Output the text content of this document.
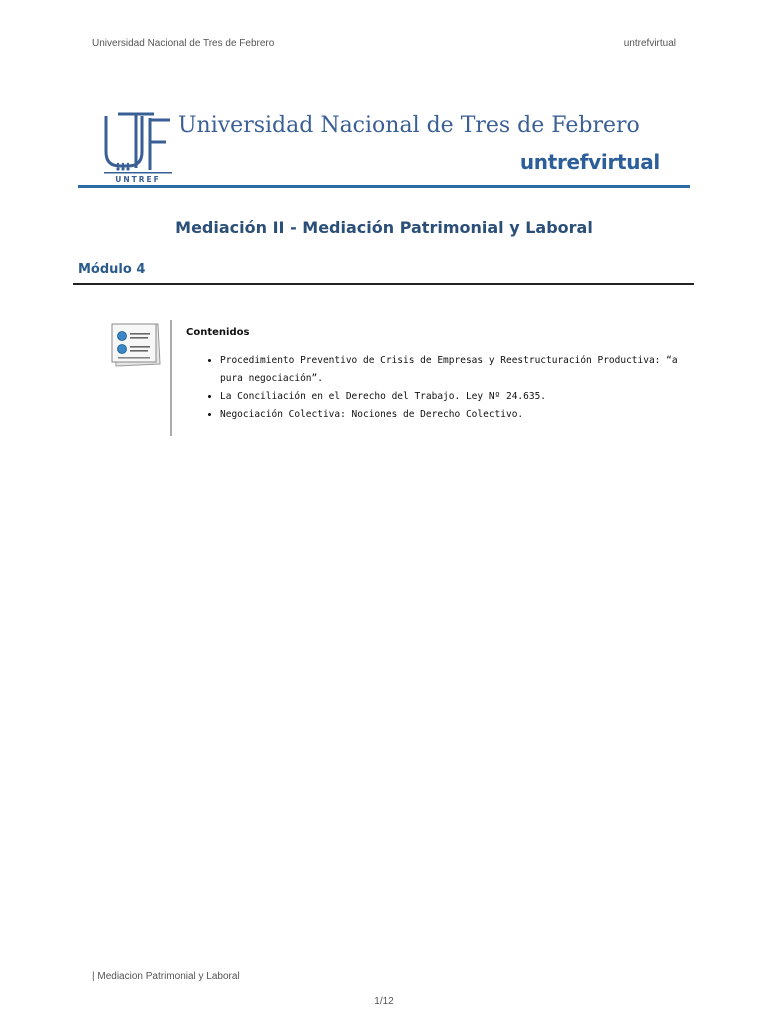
Universidad Nacional de Tres de Febrero	untrefvirtual
UNTREF
Universidad Nacional de Tres de Febrero
untrefvirtual
Mediación II - Mediación Patrimonial y Laboral
Módulo 4
Contenidos
• Procedimiento Preventivo de Crisis de Empresas y Reestructuración Productiva: “a pura negociación”.
• La Conciliación en el Derecho del Trabajo. Ley Nº 24.635.
• Negociación Colectiva: Nociones de Derecho Colectivo.
| Mediacion Patrimonial y Laboral
1/12
